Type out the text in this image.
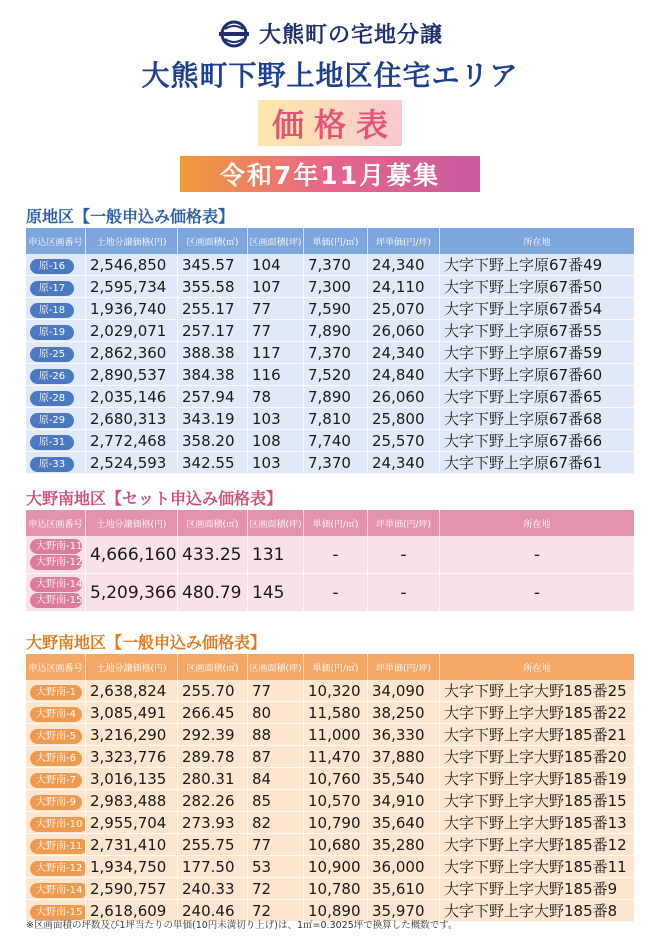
大熊町の宅地分譲
大熊町下野上地区住宅エリア
価格表
令和7年11月募集
原地区【一般申込み価格表】
申込区画番号	土地分譲価格(円)	区画面積(㎡)	区画面積(坪)	単価(円/㎡)	坪単価(円/坪)	所在地
原-16	2,546,850	345.57	104	7,370	24,340	大字下野上字原67番49
原-17	2,595,734	355.58	107	7,300	24,110	大字下野上字原67番50
原-18	1,936,740	255.17	77	7,590	25,070	大字下野上字原67番54
原-19	2,029,071	257.17	77	7,890	26,060	大字下野上字原67番55
原-25	2,862,360	388.38	117	7,370	24,340	大字下野上字原67番59
原-26	2,890,537	384.38	116	7,520	24,840	大字下野上字原67番60
原-28	2,035,146	257.94	78	7,890	26,060	大字下野上字原67番65
原-29	2,680,313	343.19	103	7,810	25,800	大字下野上字原67番68
原-31	2,772,468	358.20	108	7,740	25,570	大字下野上字原67番66
原-33	2,524,593	342.55	103	7,370	24,340	大字下野上字原67番61
大野南地区【セット申込み価格表】
申込区画番号	土地分譲価格(円)	区画面積(㎡)	区画面積(坪)	単価(円/㎡)	坪単価(円/坪)	所在地

大野南-11
大野南-12	4,666,160	433.25	131	-	-	-

大野南-14
大野南-15	5,209,366	480.79	145	-	-	-
大野南地区【一般申込み価格表】
申込区画番号	土地分譲価格(円)	区画面積(㎡)	区画面積(坪)	単価(円/㎡)	坪単価(円/坪)	所在地
大野南-1	2,638,824	255.70	77	10,320	34,090	大字下野上字大野185番25
大野南-4	3,085,491	266.45	80	11,580	38,250	大字下野上字大野185番22
大野南-5	3,216,290	292.39	88	11,000	36,330	大字下野上字大野185番21
大野南-6	3,323,776	289.78	87	11,470	37,880	大字下野上字大野185番20
大野南-7	3,016,135	280.31	84	10,760	35,540	大字下野上字大野185番19
大野南-9	2,983,488	282.26	85	10,570	34,910	大字下野上字大野185番15
大野南-10	2,955,704	273.93	82	10,790	35,640	大字下野上字大野185番13
大野南-11	2,731,410	255.75	77	10,680	35,280	大字下野上字大野185番12
大野南-12	1,934,750	177.50	53	10,900	36,000	大字下野上字大野185番11
大野南-14	2,590,757	240.33	72	10,780	35,610	大字下野上字大野185番9
大野南-15	2,618,609	240.46	72	10,890	35,970	大字下野上字大野185番8
※区画面積の坪数及び1坪当たりの単価(10円未満切り上げ)は、1㎡=0.3025坪で換算した概数です。
